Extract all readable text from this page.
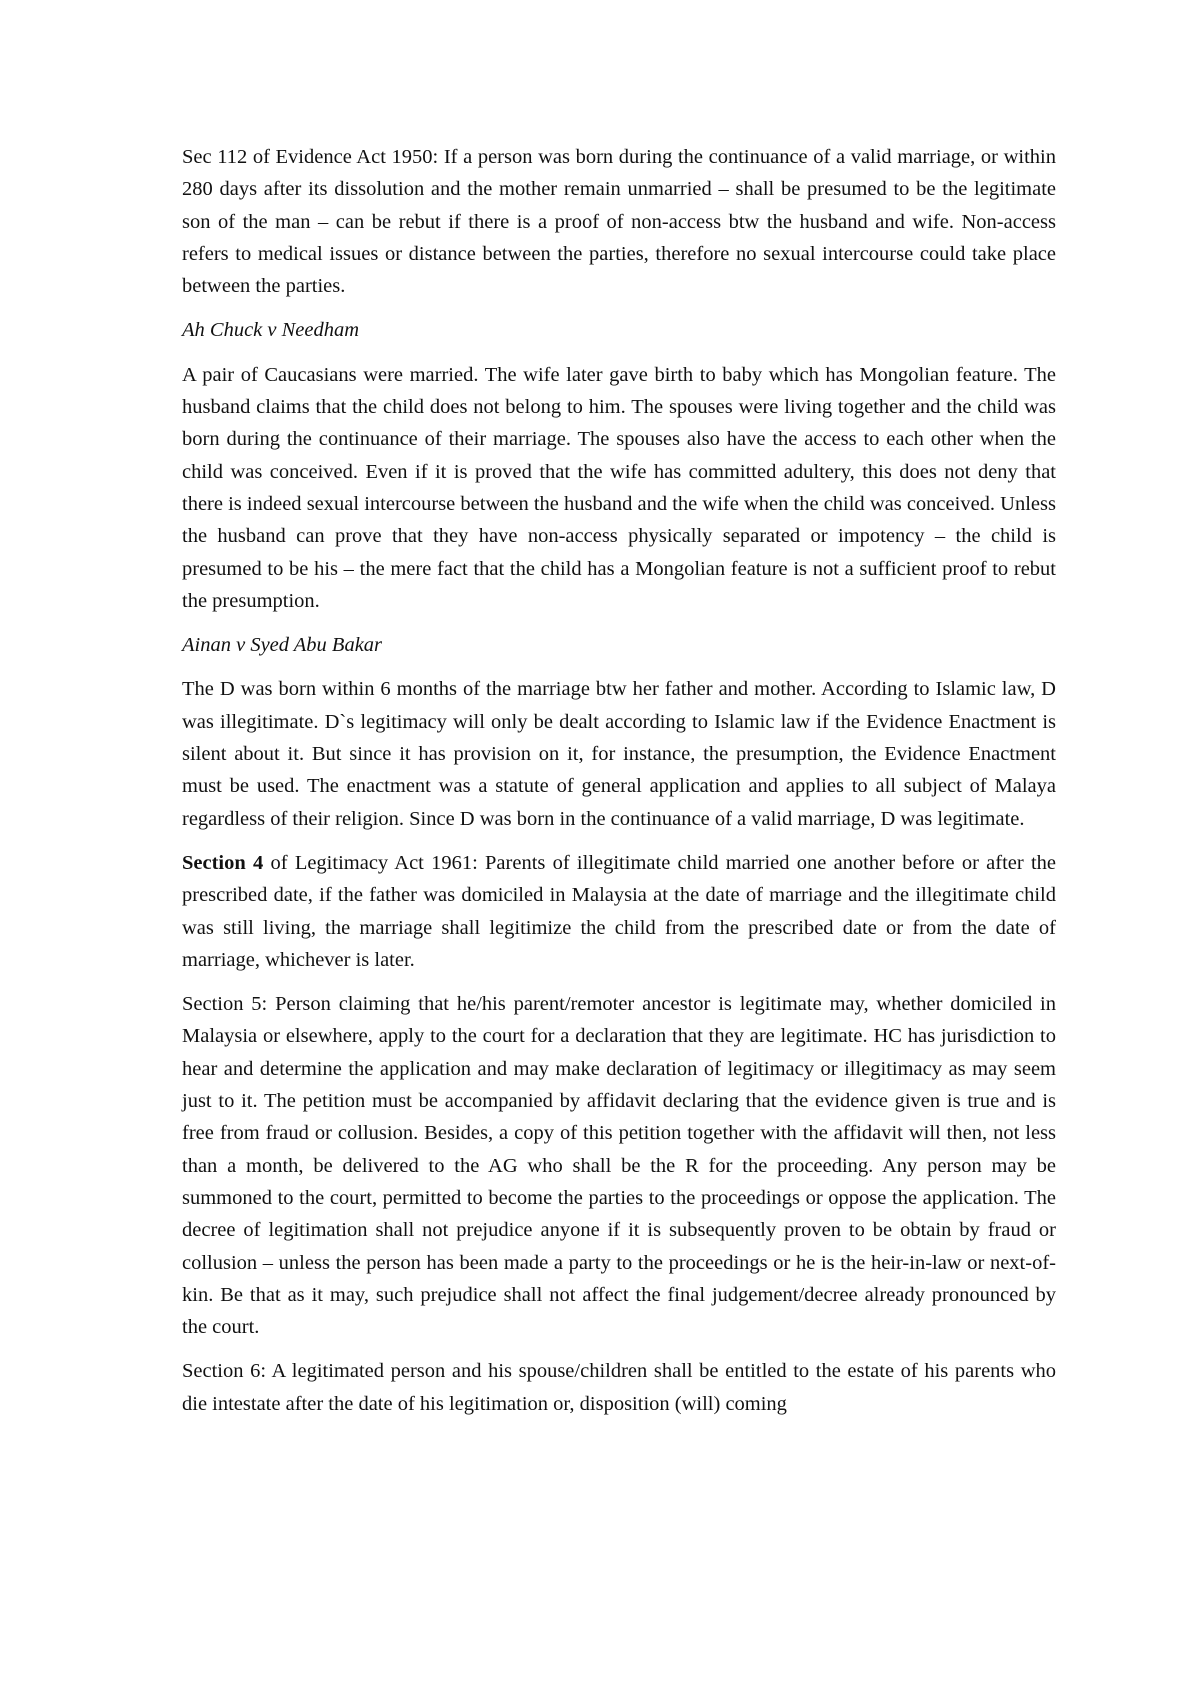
Sec 112 of Evidence Act 1950: If a person was born during the continuance of a valid marriage, or within 280 days after its dissolution and the mother remain unmarried – shall be presumed to be the legitimate son of the man – can be rebut if there is a proof of non-access btw the husband and wife. Non-access refers to medical issues or distance between the parties, therefore no sexual intercourse could take place between the parties.

Ah Chuck v Needham

A pair of Caucasians were married. The wife later gave birth to baby which has Mongolian feature. The husband claims that the child does not belong to him. The spouses were living together and the child was born during the continuance of their marriage. The spouses also have the access to each other when the child was conceived. Even if it is proved that the wife has committed adultery, this does not deny that there is indeed sexual intercourse between the husband and the wife when the child was conceived. Unless the husband can prove that they have non-access physically separated or impotency – the child is presumed to be his – the mere fact that the child has a Mongolian feature is not a sufficient proof to rebut the presumption.

Ainan v Syed Abu Bakar

The D was born within 6 months of the marriage btw her father and mother. According to Islamic law, D was illegitimate. D`s legitimacy will only be dealt according to Islamic law if the Evidence Enactment is silent about it. But since it has provision on it, for instance, the presumption, the Evidence Enactment must be used. The enactment was a statute of general application and applies to all subject of Malaya regardless of their religion. Since D was born in the continuance of a valid marriage, D was legitimate.

Section 4 of Legitimacy Act 1961: Parents of illegitimate child married one another before or after the prescribed date, if the father was domiciled in Malaysia at the date of marriage and the illegitimate child was still living, the marriage shall legitimize the child from the prescribed date or from the date of marriage, whichever is later.

Section 5: Person claiming that he/his parent/remoter ancestor is legitimate may, whether domiciled in Malaysia or elsewhere, apply to the court for a declaration that they are legitimate. HC has jurisdiction to hear and determine the application and may make declaration of legitimacy or illegitimacy as may seem just to it. The petition must be accompanied by affidavit declaring that the evidence given is true and is free from fraud or collusion. Besides, a copy of this petition together with the affidavit will then, not less than a month, be delivered to the AG who shall be the R for the proceeding. Any person may be summoned to the court, permitted to become the parties to the proceedings or oppose the application. The decree of legitimation shall not prejudice anyone if it is subsequently proven to be obtain by fraud or collusion – unless the person has been made a party to the proceedings or he is the heir-in-law or next-of-kin. Be that as it may, such prejudice shall not affect the final judgement/decree already pronounced by the court.

Section 6: A legitimated person and his spouse/children shall be entitled to the estate of his parents who die intestate after the date of his legitimation or, disposition (will) coming
